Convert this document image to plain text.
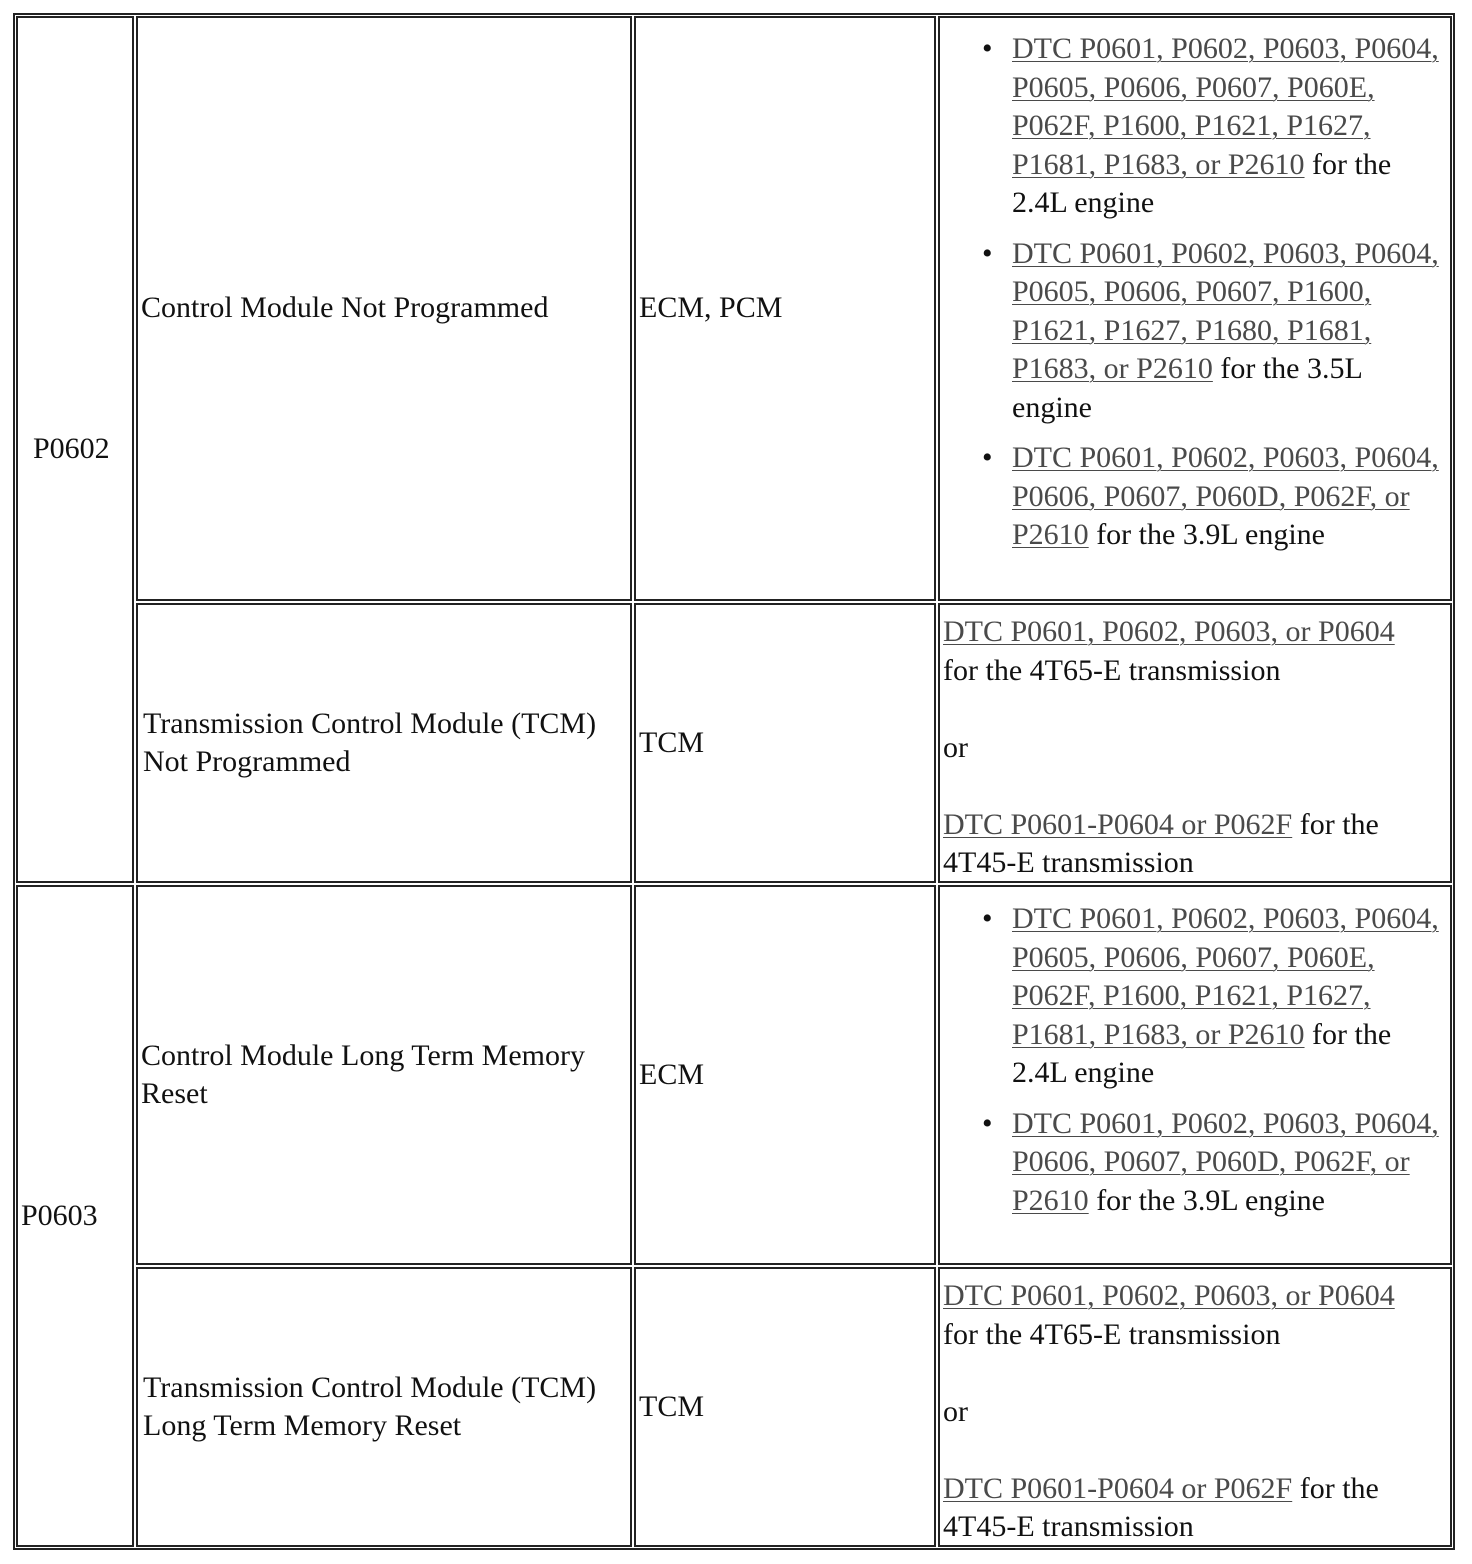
P0602
Control Module Not Programmed	ECM, PCM
• DTC P0601, P0602, P0603, P0604, P0605, P0606, P0607, P060E, P062F, P1600, P1621, P1627, P1681, P1683, or P2610 for the 2.4L engine
• DTC P0601, P0602, P0603, P0604, P0605, P0606, P0607, P1600, P1621, P1627, P1680, P1681, P1683, or P2610 for the 3.5L engine
• DTC P0601, P0602, P0603, P0604, P0606, P0607, P060D, P062F, or P2610 for the 3.9L engine
Transmission Control Module (TCM) Not Programmed
TCM
DTC P0601, P0602, P0603, or P0604 for the 4T65-E transmission
or
DTC P0601-P0604 or P062F for the 4T45-E transmission
P0603
Control Module Long Term Memory Reset
ECM
• DTC P0601, P0602, P0603, P0604, P0605, P0606, P0607, P060E, P062F, P1600, P1621, P1627, P1681, P1683, or P2610 for the 2.4L engine
• DTC P0601, P0602, P0603, P0604, P0606, P0607, P060D, P062F, or P2610 for the 3.9L engine
Transmission Control Module (TCM) Long Term Memory Reset
TCM
DTC P0601, P0602, P0603, or P0604 for the 4T65-E transmission
or
DTC P0601-P0604 or P062F for the 4T45-E transmission
